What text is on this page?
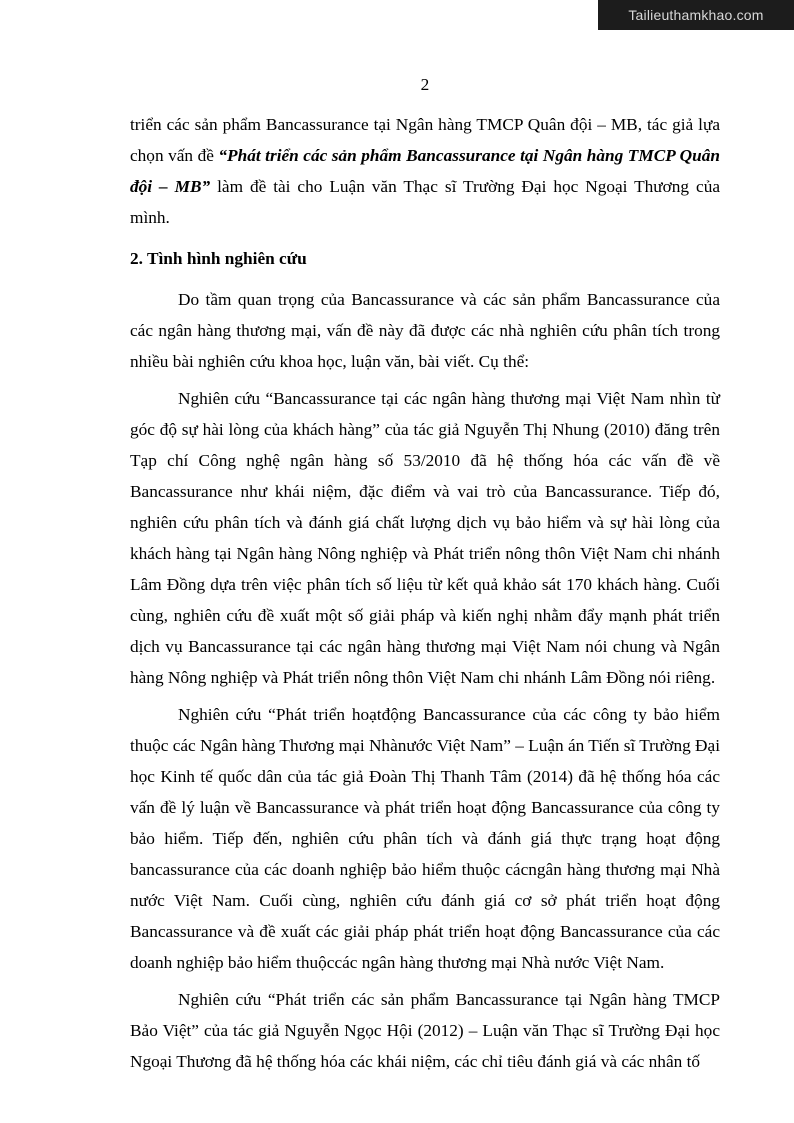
Tailieuthamkhao.com
2

triển các sản phẩm Bancassurance tại Ngân hàng TMCP Quân đội – MB, tác giả lựa chọn vấn đề “Phát triển các sản phẩm Bancassurance tại Ngân hàng TMCP Quân đội – MB” làm đề tài cho Luận văn Thạc sĩ Trường Đại học Ngoại Thương của mình.

2. Tình hình nghiên cứu

Do tầm quan trọng của Bancassurance và các sản phẩm Bancassurance của các ngân hàng thương mại, vấn đề này đã được các nhà nghiên cứu phân tích trong nhiều bài nghiên cứu khoa học, luận văn, bài viết. Cụ thể:

Nghiên cứu “Bancassurance tại các ngân hàng thương mại Việt Nam nhìn từ góc độ sự hài lòng của khách hàng” của tác giả Nguyễn Thị Nhung (2010) đăng trên Tạp chí Công nghệ ngân hàng số 53/2010 đã hệ thống hóa các vấn đề về Bancassurance như khái niệm, đặc điểm và vai trò của Bancassurance. Tiếp đó, nghiên cứu phân tích và đánh giá chất lượng dịch vụ bảo hiểm và sự hài lòng của khách hàng tại Ngân hàng Nông nghiệp và Phát triển nông thôn Việt Nam chi nhánh Lâm Đồng dựa trên việc phân tích số liệu từ kết quả khảo sát 170 khách hàng. Cuối cùng, nghiên cứu đề xuất một số giải pháp và kiến nghị nhằm đẩy mạnh phát triển dịch vụ Bancassurance tại các ngân hàng thương mại Việt Nam nói chung và Ngân hàng Nông nghiệp và Phát triển nông thôn Việt Nam chi nhánh Lâm Đồng nói riêng.

Nghiên cứu “Phát triển hoạtđộng Bancassurance của các công ty bảo hiểm thuộc các Ngân hàng Thương mại Nhànước Việt Nam” – Luận án Tiến sĩ Trường Đại học Kinh tế quốc dân của tác giả Đoàn Thị Thanh Tâm (2014) đã hệ thống hóa các vấn đề lý luận về Bancassurance và phát triển hoạt động Bancassurance của công ty bảo hiểm. Tiếp đến, nghiên cứu phân tích và đánh giá thực trạng hoạt động bancassurance của các doanh nghiệp bảo hiểm thuộc cácngân hàng thương mại Nhà nước Việt Nam. Cuối cùng, nghiên cứu đánh giá cơ sở phát triển hoạt động Bancassurance và đề xuất các giải pháp phát triển hoạt động Bancassurance của các doanh nghiệp bảo hiểm thuộccác ngân hàng thương mại Nhà nước Việt Nam.

Nghiên cứu “Phát triển các sản phẩm Bancassurance tại Ngân hàng TMCP Bảo Việt” của tác giả Nguyễn Ngọc Hội (2012) – Luận văn Thạc sĩ Trường Đại học Ngoại Thương đã hệ thống hóa các khái niệm, các chỉ tiêu đánh giá và các nhân tố
